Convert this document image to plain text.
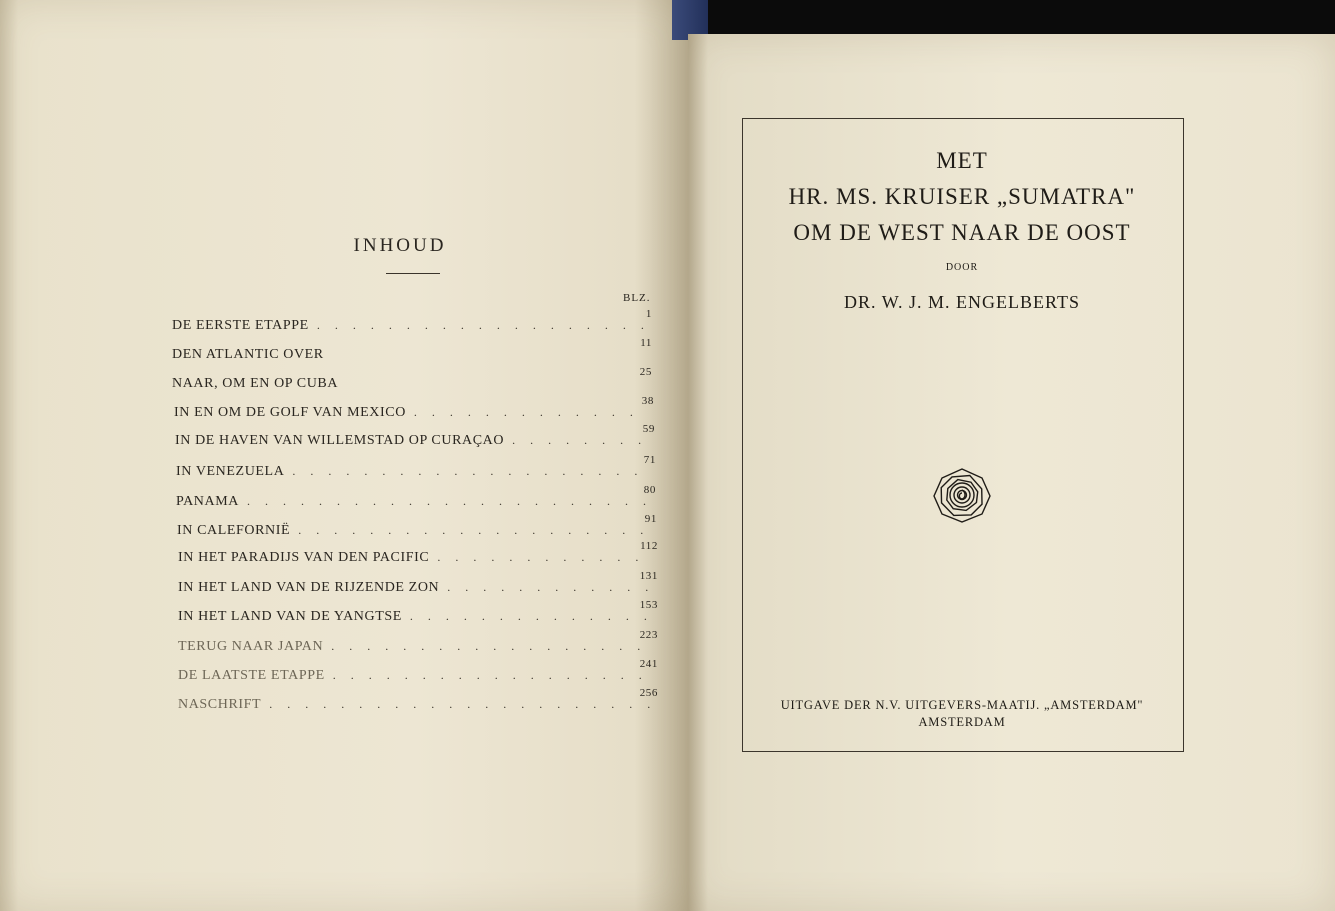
INHOUD
BLZ.
DE EERSTE ETAPPE
. . .
1
DEN ATLANTIC OVER
11
NAAR, OM EN OP CUBA
25
IN EN OM DE GOLF VAN MEXICO
. . .
38
IN DE HAVEN VAN WILLEMSTAD OP CURAÇAO
. . .
59
IN VENEZUELA
. . .
71
PANAMA
. . .
80
IN CALEFORNIË
. . .
91
IN HET PARADIJS VAN DEN PACIFIC
. . .
112
IN HET LAND VAN DE RIJZENDE ZON
. . .
131
IN HET LAND VAN DE YANGTSE
. . .
153
TERUG NAAR JAPAN
. . .
223
DE LAATSTE ETAPPE
. . .
241
NASCHRIFT
. . .
256
MET
HR. MS. KRUISER „SUMATRA"
OM DE WEST NAAR DE OOST
DOOR
DR. W. J. M. ENGELBERTS
UITGAVE DER N.V. UITGEVERS-MAATIJ. „AMSTERDAM"
AMSTERDAM
